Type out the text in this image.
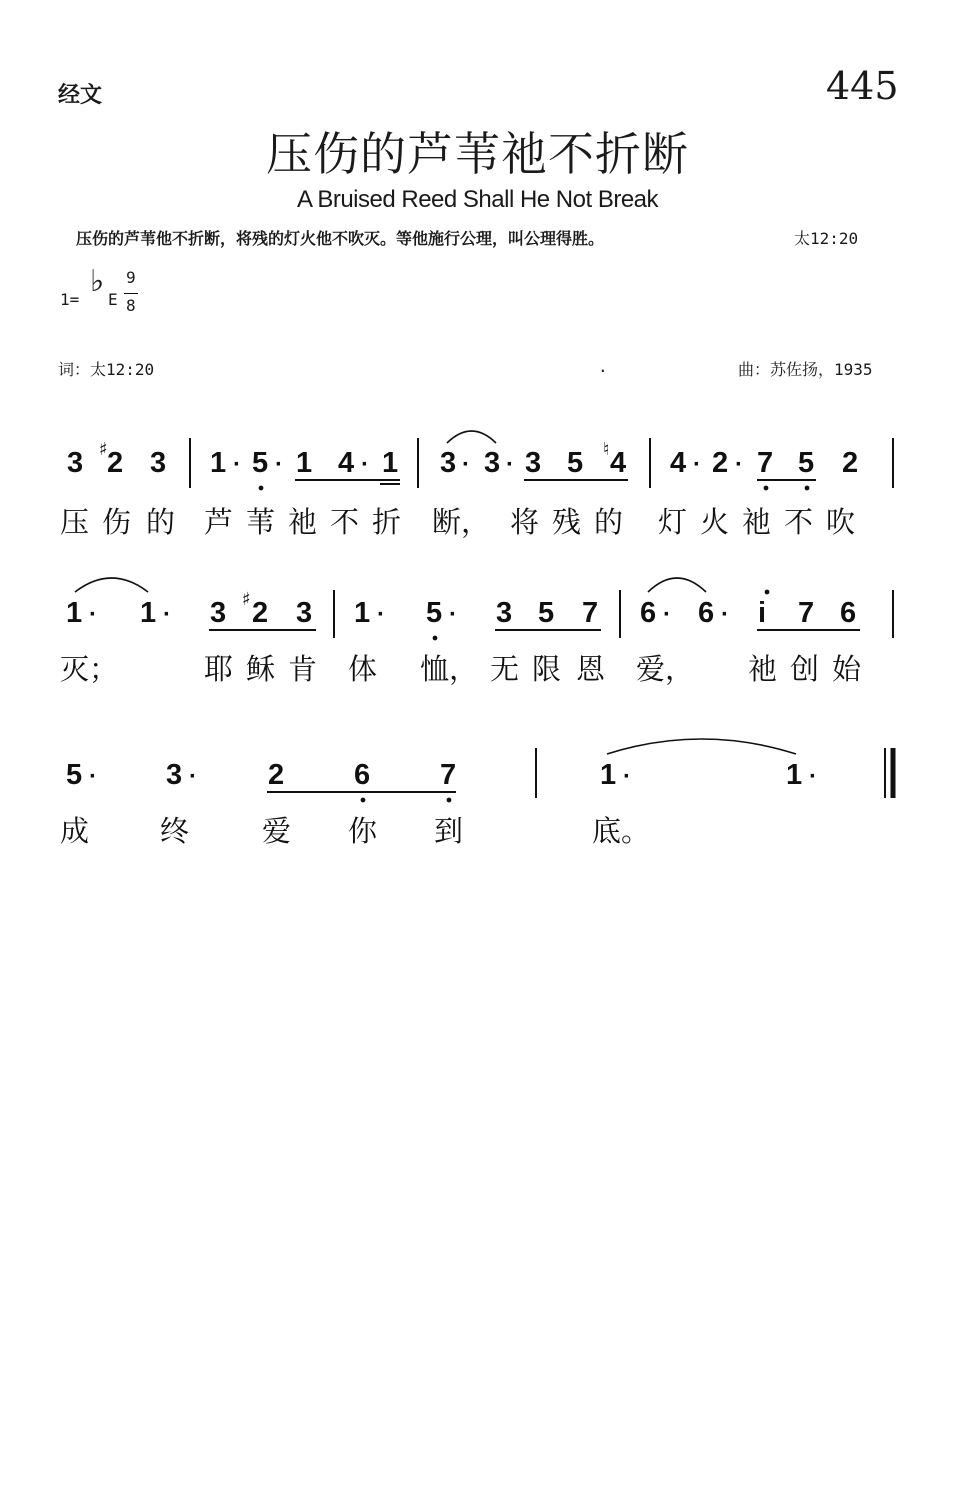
经文	445
压伤的芦苇祂不折断
A Bruised Reed Shall He Not Break
压伤的芦苇他不折断，将残的灯火他不吹灭。等他施行公理，叫公理得胜。	太12:20
1=
♭
E
9
8
词：太12:20	.	曲：苏佐扬，1935
3 2 3 1 5 1 4 1 3 3 3 5 4 4 2 7 5 2
♯	♮
· ·	·	· ·	· ·
压 伤 的 芦 苇 祂 不 折 断， 将 残 的 灯 火 祂 不 吹
1 1 3 2 3 1 5 3 5 7 6 6 i 7 6
♯
·	·	·	·	· ·
灭；	耶 稣 肯 体 恤， 无 限 恩 爱， 祂 创 始
5	3	2 6 7	1	1
·	·	·	·
成 终	爱 你 到	底。
